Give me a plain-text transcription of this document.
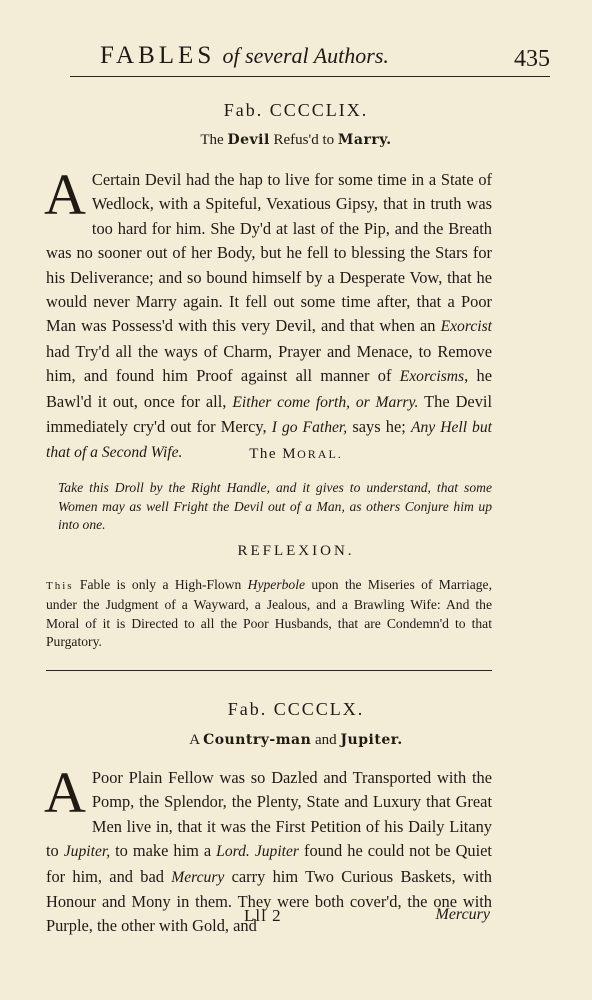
FABLES of several Authors.	435
Fab. CCCCLIX.
The Devil Refus'd to Marry.
A Certain Devil had the hap to live for some time in a State of Wedlock, with a Spiteful, Vexatious Gipsy, that in truth was too hard for him. She Dy'd at last of the Pip, and the Breath was no sooner out of her Body, but he fell to blessing the Stars for his Deliverance; and so bound himself by a Desperate Vow, that he would never Marry again. It fell out some time after, that a Poor Man was Possess'd with this very Devil, and that when an Exorcist had Try'd all the ways of Charm, Prayer and Menace, to Remove him, and found him Proof against all manner of Exorcisms, he Bawl'd it out, once for all, Either come forth, or Marry. The Devil immediately cry'd out for Mercy, I go Father, says he; Any Hell but that of a Second Wife.	The MORAL.
Take this Droll by the Right Handle, and it gives to understand, that some Women may as well Fright the Devil out of a Man, as others Conjure him up into one.
REFLEXION.
This Fable is only a High-Flown Hyperbole upon the Miseries of Marriage, under the Judgment of a Wayward, a Jealous, and a Brawling Wife: And the Moral of it is Directed to all the Poor Husbands, that are Condemn'd to that Purgatory.
Fab. CCCCLX.
A Country-man and Jupiter.
A Poor Plain Fellow was so Dazled and Transported with the Pomp, the Splendor, the Plenty, State and Luxury that Great Men live in, that it was the First Petition of his Daily Litany to Jupiter, to make him a Lord. Jupiter found he could not be Quiet for him, and bad Mercury carry him Two Curious Baskets, with Honour and Mony in them. They were both cover'd, the one with Purple, the other with Gold, and
Lll 2	Mercury
